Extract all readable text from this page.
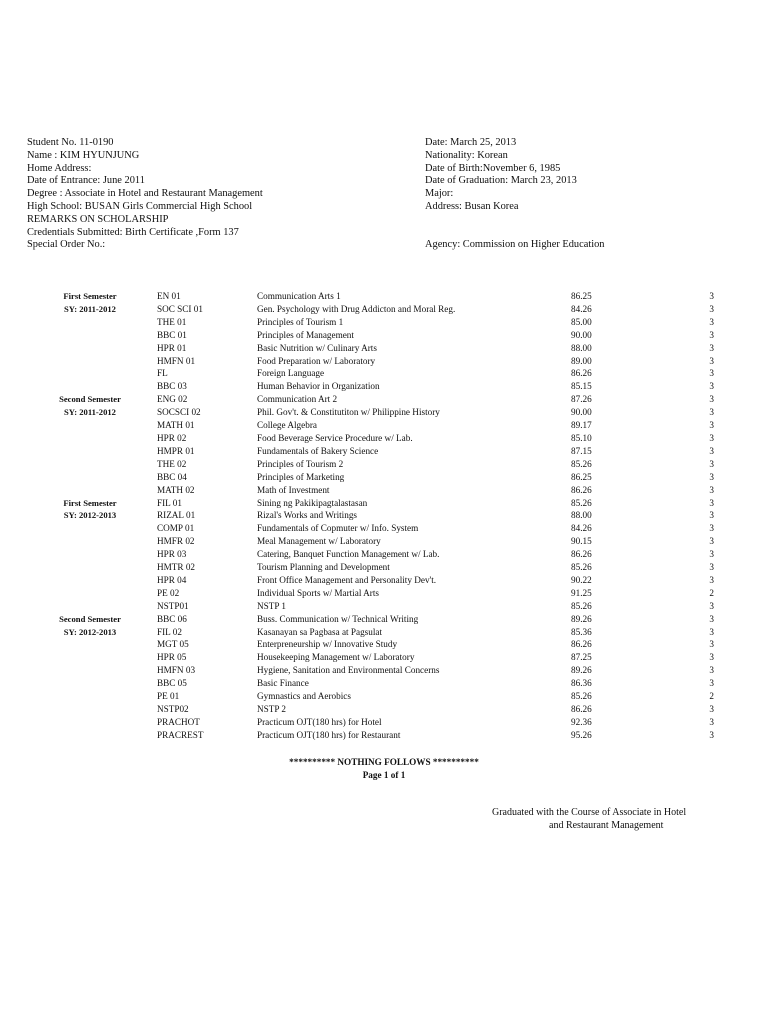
Student No. 11-0190
Name : KIM HYUNJUNG
Home Address:
Date of Entrance: June 2011
Degree : Associate in Hotel and Restaurant Management
High School: BUSAN Girls Commercial High School
REMARKS ON SCHOLARSHIP
Credentials Submitted: Birth Certificate ,Form 137
Special Order No.:
Date: March 25, 2013
Nationality: Korean
Date of Birth:November 6, 1985
Date of Graduation: March 23, 2013
Major:
Address: Busan Korea
Agency: Commission on Higher Education
First Semester	EN 01	Communication Arts 1	86.25	3
SY: 2011-2012	SOC SCI 01	Gen. Psychology with Drug Addicton and Moral Reg.	84.26	3
THE 01	Principles of Tourism 1	85.00	3
BBC 01	Principles of Management	90.00	3
HPR 01	Basic Nutrition w/ Culinary Arts	88.00	3
HMFN 01	Food Preparation w/ Laboratory	89.00	3
FL	Foreign Language	86.26	3
BBC 03	Human Behavior in Organization	85.15	3
Second Semester	ENG 02	Communication Art 2	87.26	3
SY: 2011-2012	SOCSCI 02	Phil. Gov't. & Constitutiton w/ Philippine History	90.00	3
MATH 01	College Algebra	89.17	3
HPR 02	Food Beverage Service Procedure w/ Lab.	85.10	3
HMPR 01	Fundamentals of Bakery Science	87.15	3
THE 02	Principles of Tourism 2	85.26	3
BBC 04	Principles of Marketing	86.25	3
MATH 02	Math of Investment	86.26	3
First Semester	FIL 01	Sining ng Pakikipagtalastasan	85.26	3
SY: 2012-2013	RIZAL 01	Rizal's Works and Writings	88.00	3
COMP 01	Fundamentals of Copmuter w/ Info. System	84.26	3
HMFR 02	Meal Management w/ Laboratory	90.15	3
HPR 03	Catering, Banquet Function Management w/ Lab.	86.26	3
HMTR 02	Tourism Planning and Development	85.26	3
HPR 04	Front Office Management and Personality Dev't.	90.22	3
PE 02	Individual Sports w/ Martial Arts	91.25	2
NSTP01	NSTP 1	85.26	3
Second Semester	BBC 06	Buss. Communication w/ Technical Writing	89.26	3
SY: 2012-2013	FIL 02	Kasanayan sa Pagbasa at Pagsulat	85.36	3
MGT 05	Enterpreneurship w/ Innovative Study	86.26	3
HPR 05	Housekeeping Management w/ Laboratory	87.25	3
HMFN 03	Hygiene, Sanitation and Environmental Concerns	89.26	3
BBC 05	Basic Finance	86.36	3
PE 01	Gymnastics and Aerobics	85.26	2
NSTP02	NSTP 2	86.26	3
PRACHOT	Practicum OJT(180 hrs) for Hotel	92.36	3
PRACREST	Practicum OJT(180 hrs) for Restaurant	95.26	3
********** NOTHING FOLLOWS **********
Page 1 of 1
Graduated with the Course of Associate in Hotel
and Restaurant Management
